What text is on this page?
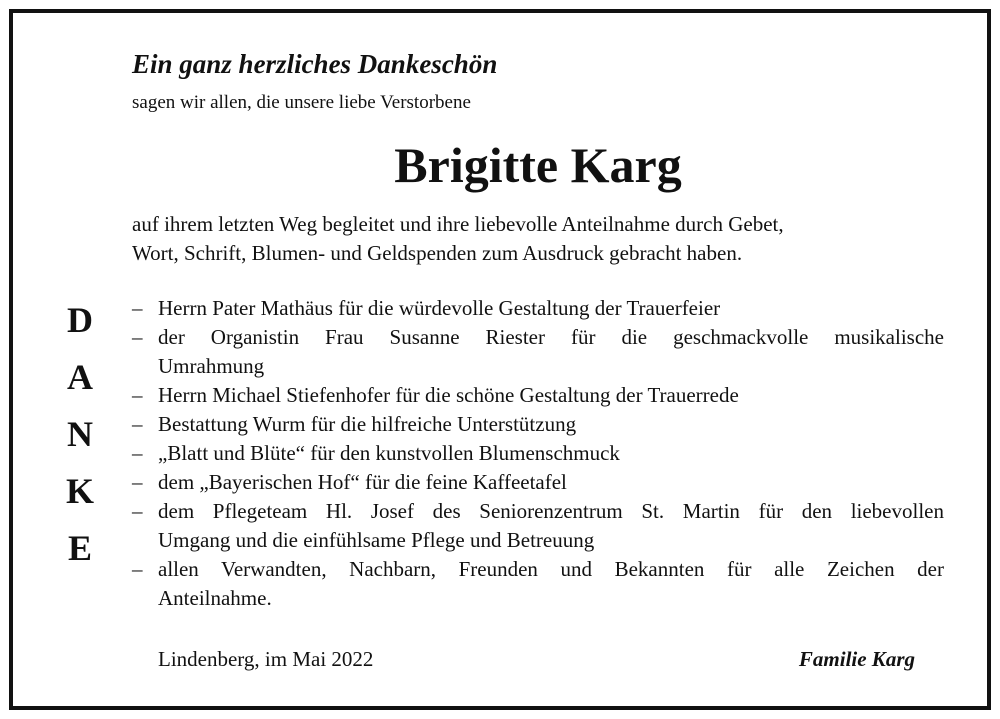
Ein ganz herzliches Dankeschön

sagen wir allen, die unsere liebe Verstorbene

Brigitte Karg

auf ihrem letzten Weg begleitet und ihre liebevolle Anteilnahme durch Gebet,
Wort, Schrift, Blumen- und Geldspenden zum Ausdruck gebracht haben.

D
A
N
K
E
– Herrn Pater Mathäus für die würdevolle Gestaltung der Trauerfeier
– der Organistin Frau Susanne Riester für die geschmackvolle musikalische
Umrahmung
– Herrn Michael Stiefenhofer für die schöne Gestaltung der Trauerrede
– Bestattung Wurm für die hilfreiche Unterstützung
– „Blatt und Blüte“ für den kunstvollen Blumenschmuck
– dem „Bayerischen Hof“ für die feine Kaffeetafel
– dem Pflegeteam Hl. Josef des Seniorenzentrum St. Martin für den liebevollen
Umgang und die einfühlsame Pflege und Betreuung
– allen Verwandten, Nachbarn, Freunden und Bekannten für alle Zeichen der
Anteilnahme.

Lindenberg, im Mai 2022	Familie Karg
